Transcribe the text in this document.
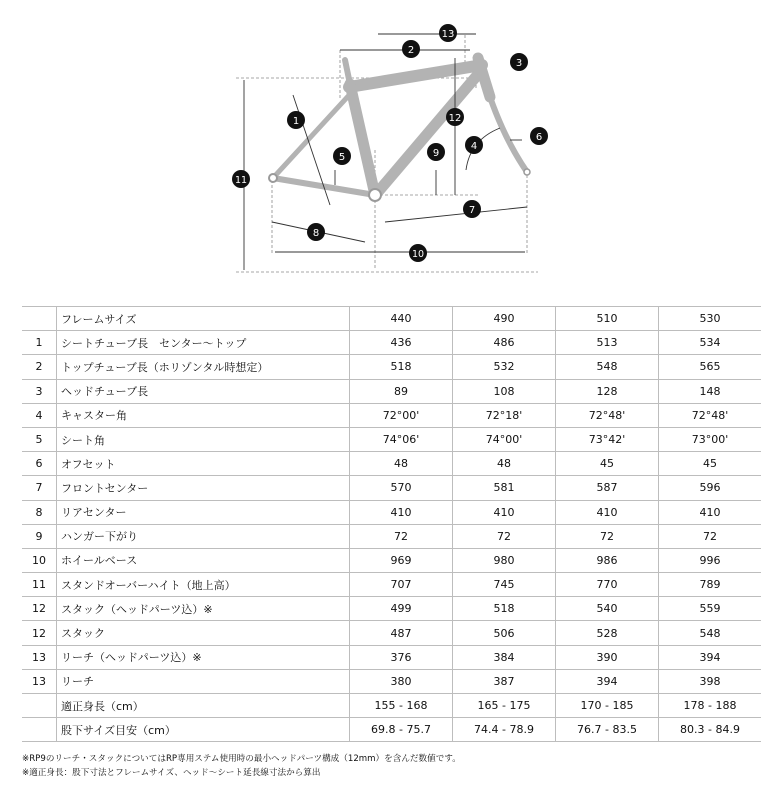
13
2
3
1	12
4
6
5	9
11
7
8
10
	フレームサイズ	440	490	510	530
1	シートチューブ長　センター〜トップ	436	486	513	534
2	トップチューブ長（ホリゾンタル時想定）	518	532	548	565
3	ヘッドチューブ長	89	108	128	148
4	キャスター角	72°00'	72°18'	72°48'	72°48'
5	シート角	74°06'	74°00'	73°42'	73°00'
6	オフセット	48	48	45	45
7	フロントセンター	570	581	587	596
8	リアセンター	410	410	410	410
9	ハンガー下がり	72	72	72	72
10	ホイールベース	969	980	986	996
11	スタンドオーバーハイト（地上高）	707	745	770	789
12	スタック（ヘッドパーツ込）※	499	518	540	559
12	スタック	487	506	528	548
13	リーチ（ヘッドパーツ込）※	376	384	390	394
13	リーチ	380	387	394	398
	適正身長（cm）	155 - 168	165 - 175	170 - 185	178 - 188
	股下サイズ目安（cm）	69.8 - 75.7	74.4 - 78.9	76.7 - 83.5	80.3 - 84.9
※RP9のリーチ・スタックについてはRP専用ステム使用時の最小ヘッドパーツ構成（12mm）を含んだ数値です。
※適正身長：股下寸法とフレームサイズ、ヘッド〜シート延長線寸法から算出
